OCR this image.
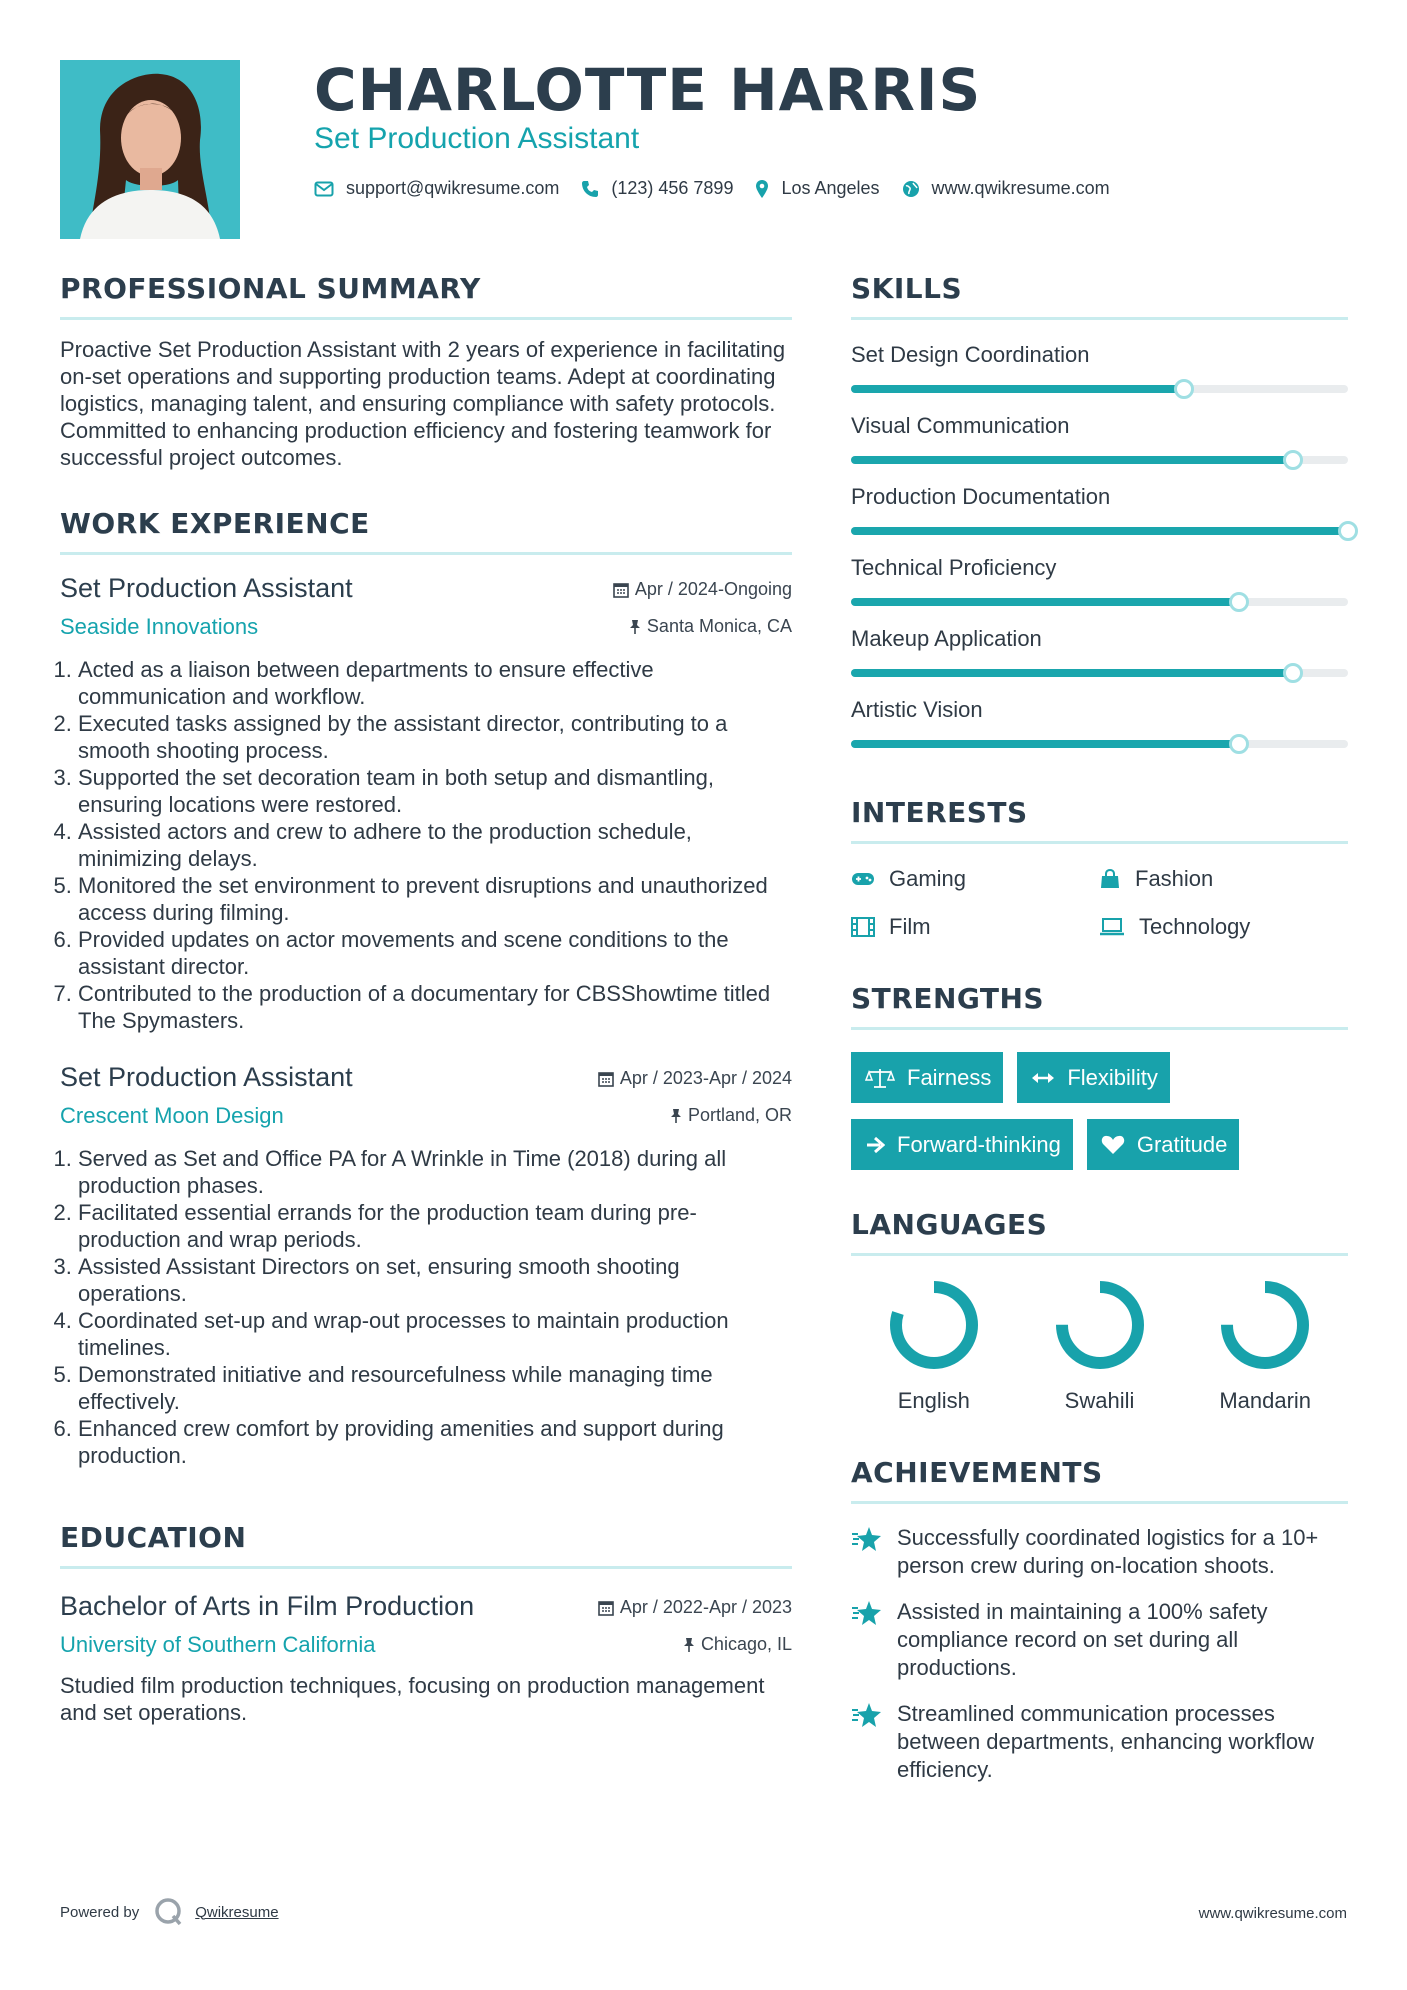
CHARLOTTE HARRIS
Set Production Assistant
support@qwikresume.com	(123) 456 7899	Los Angeles	www.qwikresume.com
PROFESSIONAL SUMMARY

Proactive Set Production Assistant with 2 years of experience in facilitating on-set operations and supporting production teams. Adept at coordinating logistics, managing talent, and ensuring compliance with safety protocols. Committed to enhancing production efficiency and fostering teamwork for successful project outcomes.

WORK EXPERIENCE
Set Production Assistant	Apr / 2024-Ongoing
Seaside Innovations	Santa Monica, CA
1. Acted as a liaison between departments to ensure effective communication and workflow.
2. Executed tasks assigned by the assistant director, contributing to a smooth shooting process.
3. Supported the set decoration team in both setup and dismantling, ensuring locations were restored.
4. Assisted actors and crew to adhere to the production schedule, minimizing delays.
5. Monitored the set environment to prevent disruptions and unauthorized access during filming.
6. Provided updates on actor movements and scene conditions to the assistant director.
7. Contributed to the production of a documentary for CBSShowtime titled The Spymasters.
Set Production Assistant	Apr / 2023-Apr / 2024
Crescent Moon Design	Portland, OR
1. Served as Set and Office PA for A Wrinkle in Time (2018) during all production phases.
2. Facilitated essential errands for the production team during pre-production and wrap periods.
3. Assisted Assistant Directors on set, ensuring smooth shooting operations.
4. Coordinated set-up and wrap-out processes to maintain production timelines.
5. Demonstrated initiative and resourcefulness while managing time effectively.
6. Enhanced crew comfort by providing amenities and support during production.
EDUCATION
Bachelor of Arts in Film Production	Apr / 2022-Apr / 2023
University of Southern California	Chicago, IL

Studied film production techniques, focusing on production management and set operations.

SKILLS
Set Design Coordination
Visual Communication
Production Documentation
Technical Proficiency
Makeup Application
Artistic Vision
INTERESTS
Gaming	Fashion
Film	Technology
STRENGTHS
Fairness	Flexibility
Forward-thinking	Gratitude
LANGUAGES
English	Swahili	Mandarin
ACHIEVEMENTS
Successfully coordinated logistics for a 10+ person crew during on-location shoots.
Assisted in maintaining a 100% safety compliance record on set during all productions.
Streamlined communication processes between departments, enhancing workflow efficiency.
Powered by	Qwikresume	www.qwikresume.com
